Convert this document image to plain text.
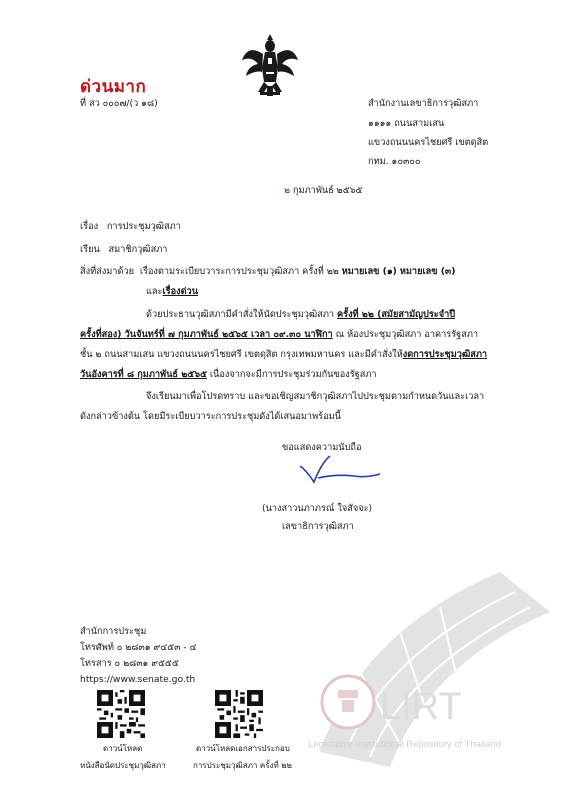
LIRT
Legislative Institutional Repository of Thailand
ด่วนมาก
ที่ สว ๐๐๐๗/(ว ๑๘)	สำนักงานเลขาธิการวุฒิสภา
๑๑๑๑ ถนนสามเสน
แขวงถนนนครไชยศรี เขตดุสิต
กทม. ๑๐๓๐๐
๒ กุมภาพันธ์ ๒๕๖๕
เรื่อง การประชุมวุฒิสภา
เรียน สมาชิกวุฒิสภา
สิ่งที่ส่งมาด้วย เรื่องตามระเบียบวาระการประชุมวุฒิสภา ครั้งที่ ๒๒ หมายเลข (๑) หมายเลข (๓)
และเรื่องด่วน
ด้วยประธานวุฒิสภามีคำสั่งให้นัดประชุมวุฒิสภา ครั้งที่ ๒๒ (สมัยสามัญประจำปี
ครั้งที่สอง) วันจันทร์ที่ ๗ กุมภาพันธ์ ๒๕๖๕ เวลา ๐๙.๓๐ นาฬิกา ณ ห้องประชุมวุฒิสภา อาคารรัฐสภา
ชั้น ๒ ถนนสามเสน แขวงถนนนครไชยศรี เขตดุสิต กรุงเทพมหานคร และมีคำสั่งให้งดการประชุมวุฒิสภา
วันอังคารที่ ๘ กุมภาพันธ์ ๒๕๖๕ เนื่องจากจะมีการประชุมร่วมกันของรัฐสภา
จึงเรียนมาเพื่อโปรดทราบ และขอเชิญสมาชิกวุฒิสภาไปประชุมตามกำหนดวันและเวลา
ดังกล่าวข้างต้น โดยมีระเบียบวาระการประชุมดังได้เสนอมาพร้อมนี้
ขอแสดงความนับถือ
(นางสาวนภาภรณ์ ใจสัจจะ)
เลขาธิการวุฒิสภา
สำนักการประชุม
โทรศัพท์ ๐ ๒๘๓๑ ๙๔๕๓ - ๔
โทรสาร ๐ ๒๘๓๑ ๙๕๕๕
https://www.senate.go.th
ดาวน์โหลด
หนังสือนัดประชุมวุฒิสภา
ดาวน์โหลดเอกสารประกอบ
การประชุมวุฒิสภา ครั้งที่ ๒๒
